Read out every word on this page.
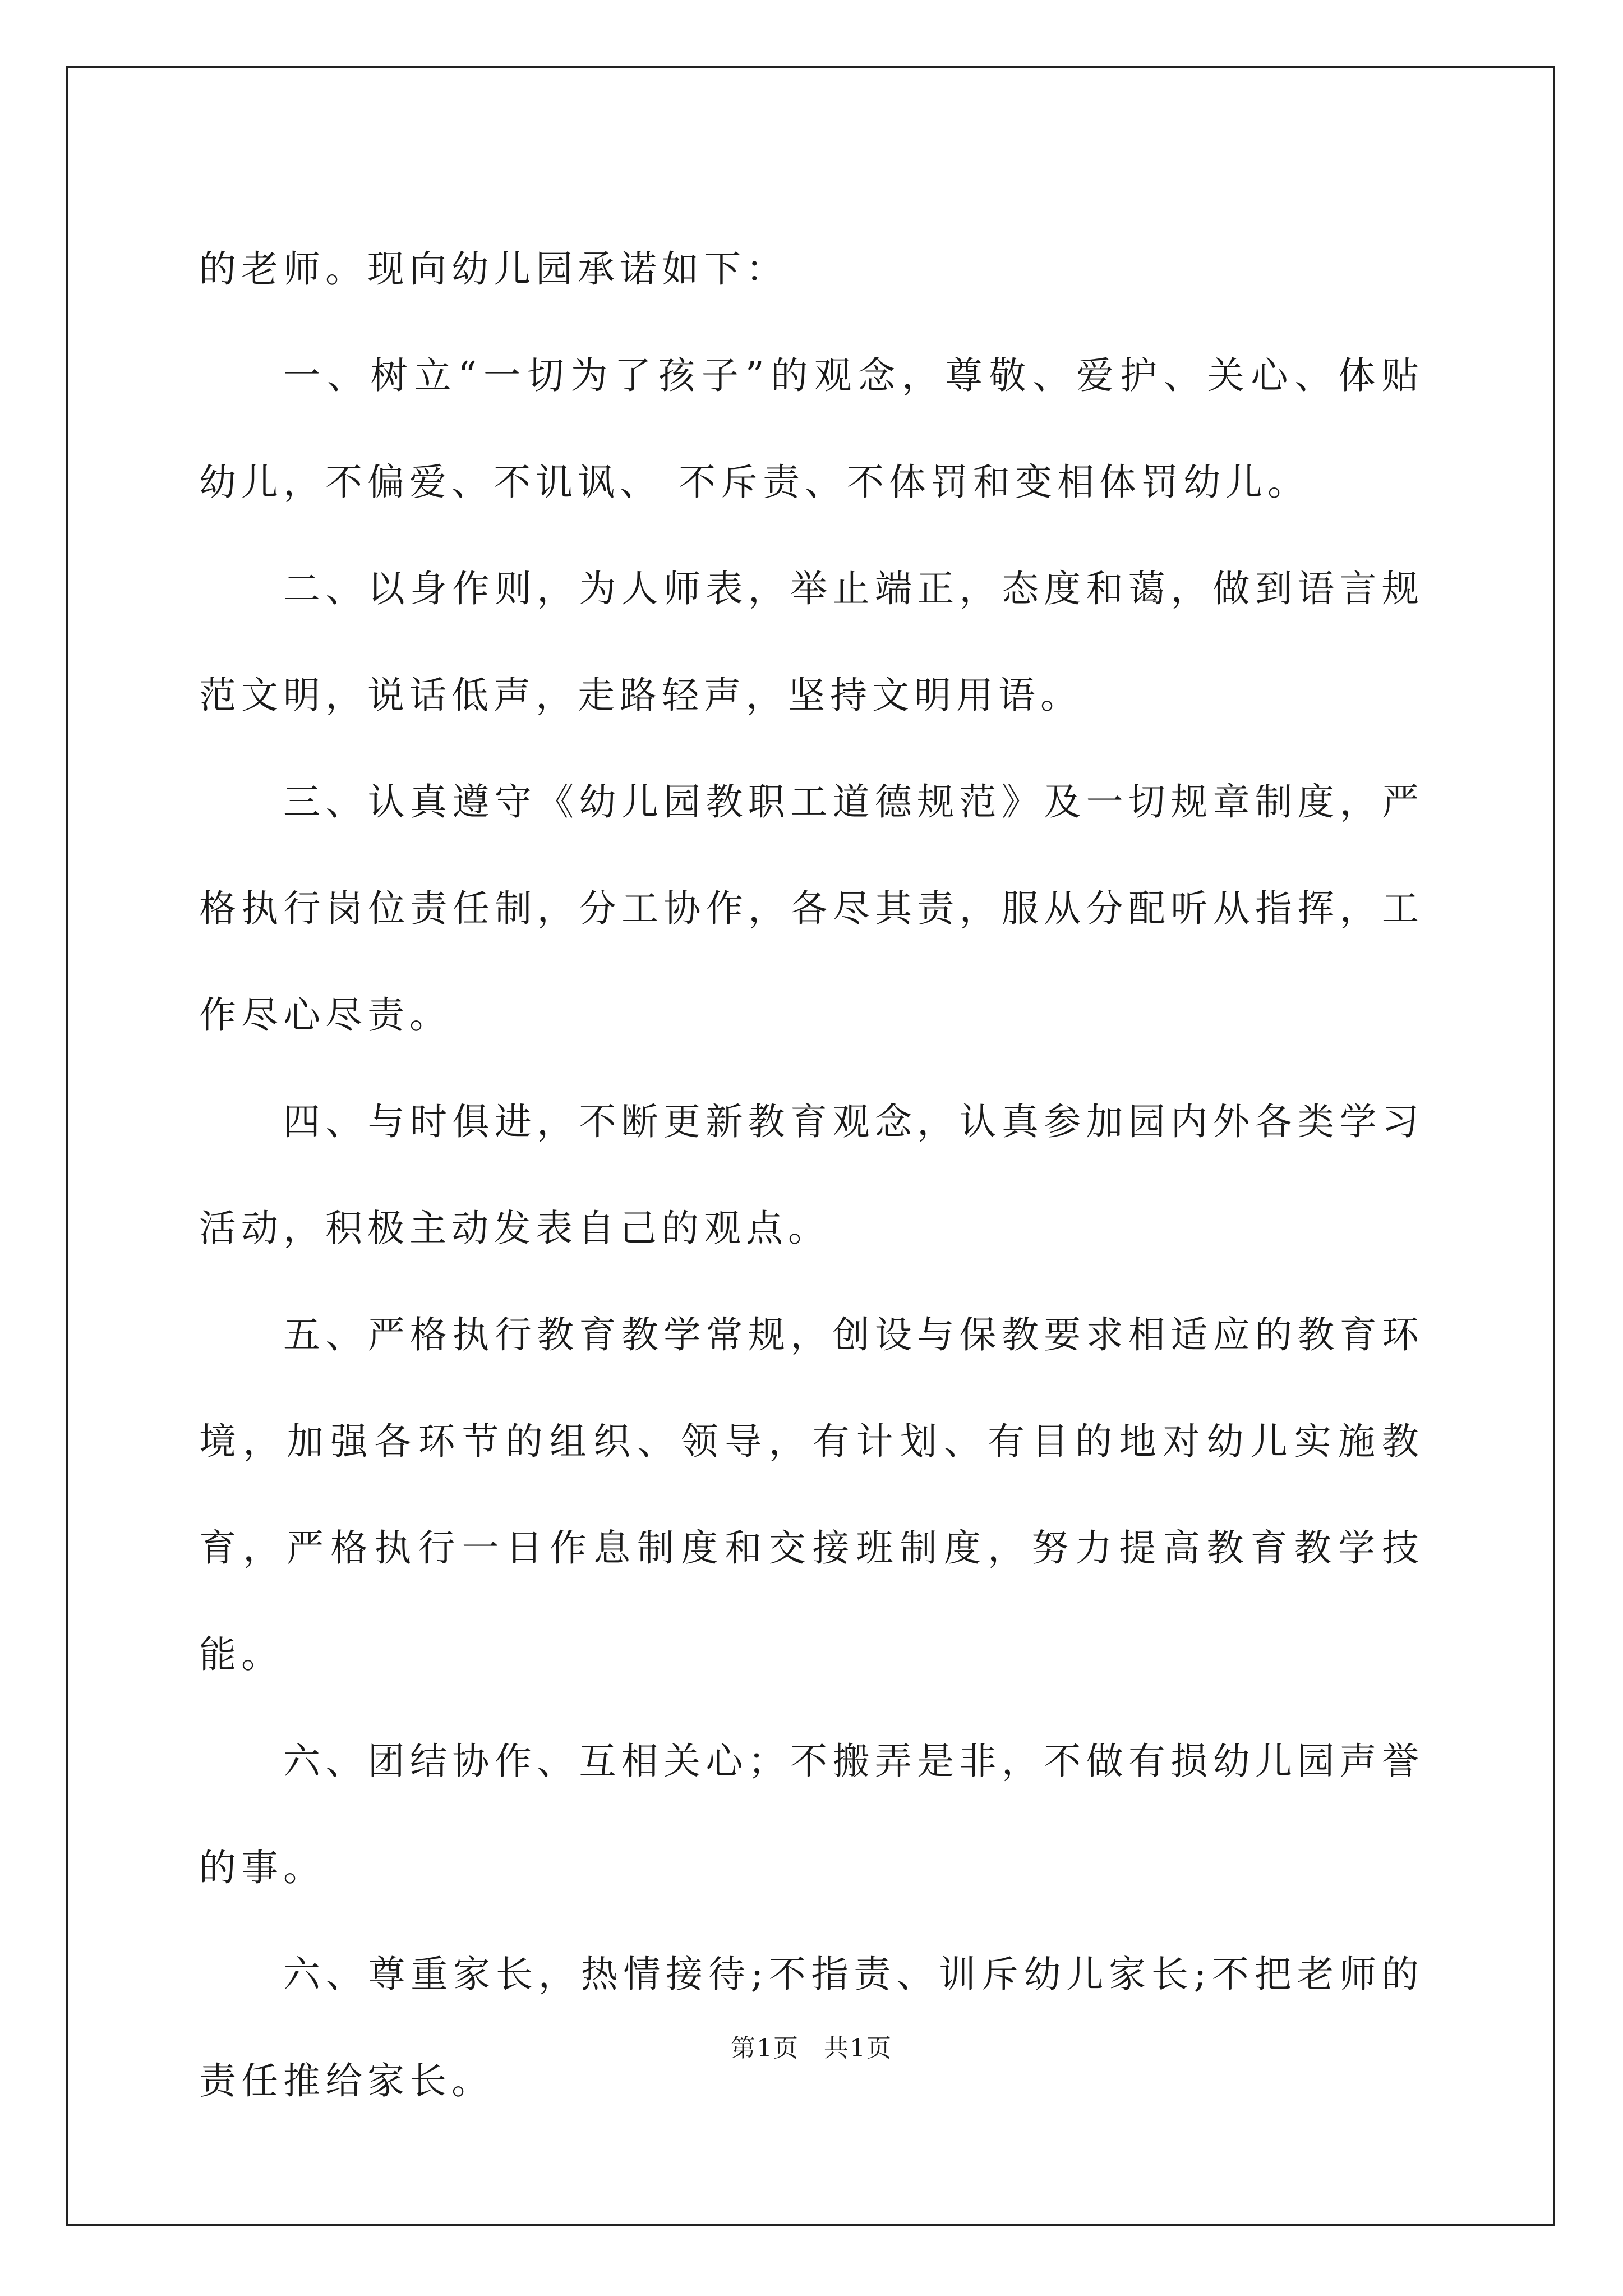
的老师。现向幼儿园承诺如下：

一、树立“一切为了孩子”的观念，尊敬、爱护、关心、体贴幼儿，不偏爱、不讥讽、 不斥责、不体罚和变相体罚幼儿。

二、以身作则，为人师表，举止端正，态度和蔼，做到语言规范文明，说话低声，走路轻声，坚持文明用语。

三、认真遵守《幼儿园教职工道德规范》及一切规章制度，严格执行岗位责任制，分工协作，各尽其责，服从分配听从指挥，工作尽心尽责。

四、与时俱进，不断更新教育观念，认真参加园内外各类学习活动，积极主动发表自己的观点。

五、严格执行教育教学常规，创设与保教要求相适应的教育环境，加强各环节的组织、领导，有计划、有目的地对幼儿实施教育，严格执行一日作息制度和交接班制度，努力提高教育教学技能。

六、团结协作、互相关心；不搬弄是非，不做有损幼儿园声誉的事。

六、尊重家长，热情接待;不指责、训斥幼儿家长;不把老师的责任推给家长。

第1页 共1页
